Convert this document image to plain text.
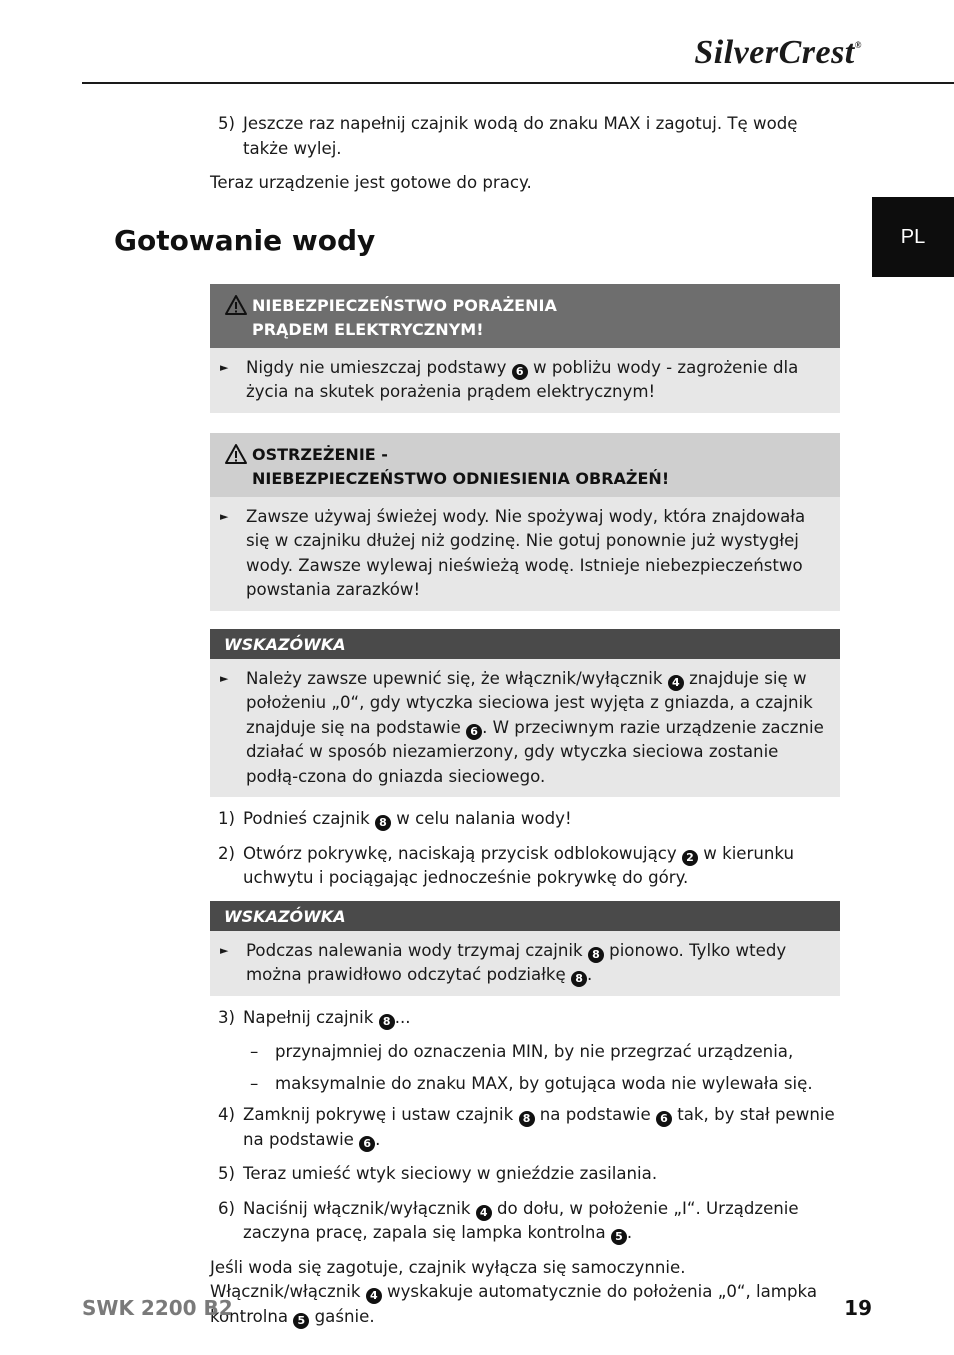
SilverCrest®
PL
Gotowanie wody
5) Jeszcze raz napełnij czajnik wodą do znaku MAX i zagotuj. Tę wodę także wylej.
Teraz urządzenie jest gotowe do pracy.
NIEBEZPIECZEŃSTWO PORAŻENIA
PRĄDEM ELEKTRYCZNYM!
►	Nigdy nie umieszczaj podstawy 6 w pobliżu wody - zagrożenie dla życia na skutek porażenia prądem elektrycznym!
OSTRZEŻENIE -
NIEBEZPIECZEŃSTWO ODNIESIENIA OBRAŻEŃ!
►	Zawsze używaj świeżej wody. Nie spożywaj wody, która znajdowała się w czajniku dłużej niż godzinę. Nie gotuj ponownie już wystygłej wody. Zawsze wylewaj nieświeżą wodę. Istnieje niebezpieczeństwo powstania zarazków!
WSKAZÓWKA
►	Należy zawsze upewnić się, że włącznik/wyłącznik 4 znajduje się w położeniu „0“, gdy wtyczka sieciowa jest wyjęta z gniazda, a czajnik znajduje się na podstawie 6 . W przeciwnym razie urządzenie zacznie działać w sposób niezamierzony, gdy wtyczka sieciowa zostanie podłą-czona do gniazda sieciowego.
1) Podnieś czajnik 8 w celu nalania wody!
2) Otwórz pokrywkę, naciskają przycisk odblokowujący 2 w kierunku uchwytu i pociągając jednocześnie pokrywkę do góry.
WSKAZÓWKA
►	Podczas nalewania wody trzymaj czajnik 8 pionowo. Tylko wtedy można prawidłowo odczytać podziałkę 8 .
3) Napełnij czajnik 8 ...
–	przynajmniej do oznaczenia MIN, by nie przegrzać urządzenia,
–	maksymalnie do znaku MAX, by gotująca woda nie wylewała się.
4) Zamknij pokrywę i ustaw czajnik 8 na podstawie 6 tak, by stał pewnie na podstawie 6 .
5) Teraz umieść wtyk sieciowy w gnieździe zasilania.
6) Naciśnij włącznik/wyłącznik 4 do dołu, w położenie „I“. Urządzenie zaczyna pracę, zapala się lampka kontrolna 5 .
Jeśli woda się zagotuje, czajnik wyłącza się samoczynnie. Włącznik/włącznik 4 wyskakuje automatycznie do położenia „0“, lampka kontrolna 5 gaśnie.
SWK 2200 B2	19
